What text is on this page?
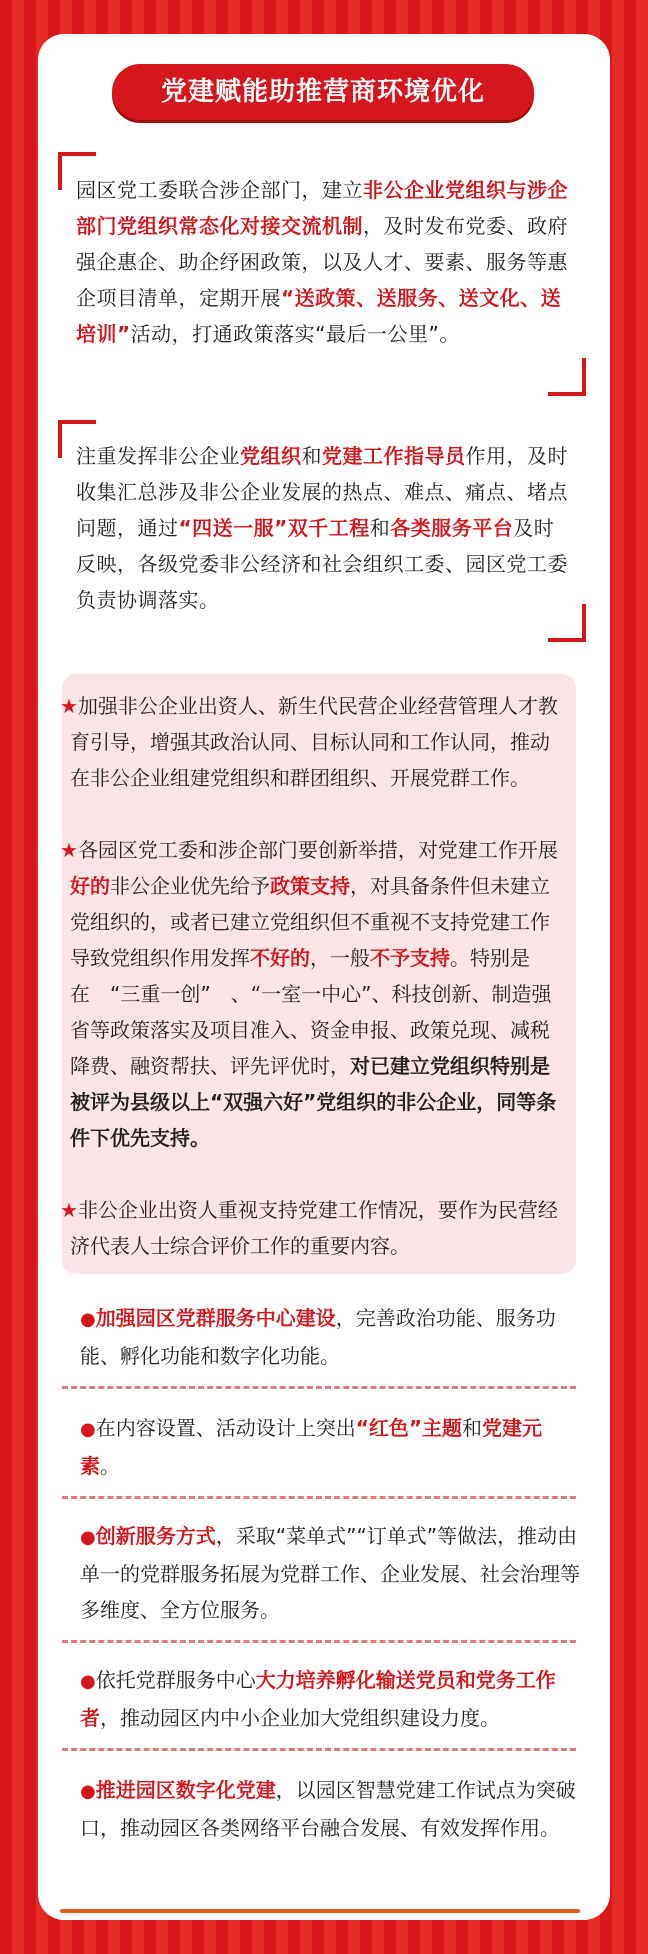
党建赋能助推营商环境优化
园区党工委联合涉企部门，建立非公企业党组织与涉企部门党组织常态化对接交流机制，及时发布党委、政府强企惠企、助企纾困政策，以及人才、要素、服务等惠企项目清单，定期开展“送政策、送服务、送文化、送培训”活动，打通政策落实“最后一公里”。
注重发挥非公企业党组织和党建工作指导员作用，及时收集汇总涉及非公企业发展的热点、难点、痛点、堵点问题，通过“四送一服”双千工程和各类服务平台及时反映，各级党委非公经济和社会组织工委、园区党工委负责协调落实。
★加强非公企业出资人、新生代民营企业经营管理人才教育引导，增强其政治认同、目标认同和工作认同，推动在非公企业组建党组织和群团组织、开展党群工作。
★各园区党工委和涉企部门要创新举措，对党建工作开展好的非公企业优先给予政策支持，对具备条件但未建立党组织的，或者已建立党组织但不重视不支持党建工作导致党组织作用发挥不好的，一般不予支持。特别是在　“三重一创”　、“一室一中心”、科技创新、制造强省等政策落实及项目准入、资金申报、政策兑现、减税降费、融资帮扶、评先评优时，对已建立党组织特别是被评为县级以上“双强六好”党组织的非公企业，同等条件下优先支持。
★非公企业出资人重视支持党建工作情况，要作为民营经济代表人士综合评价工作的重要内容。
●加强园区党群服务中心建设，完善政治功能、服务功能、孵化功能和数字化功能。
●在内容设置、活动设计上突出“红色”主题和党建元素。
●创新服务方式，采取“菜单式”“订单式”等做法，推动由单一的党群服务拓展为党群工作、企业发展、社会治理等多维度、全方位服务。
●依托党群服务中心大力培养孵化输送党员和党务工作者，推动园区内中小企业加大党组织建设力度。
●推进园区数字化党建，以园区智慧党建工作试点为突破口，推动园区各类网络平台融合发展、有效发挥作用。
